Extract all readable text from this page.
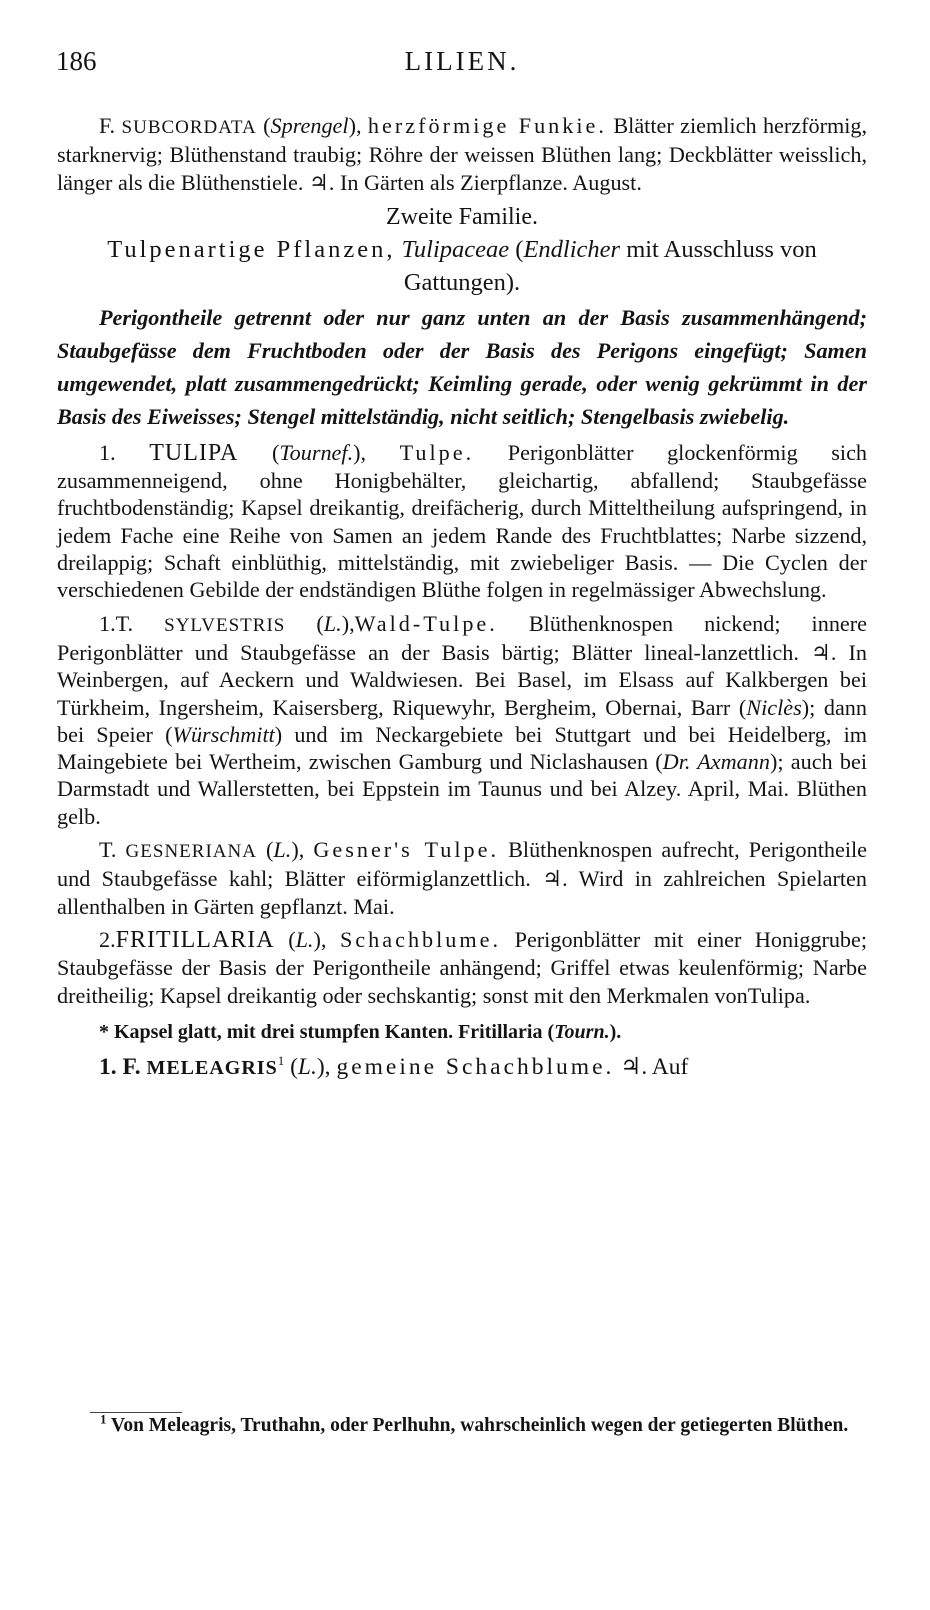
186	LILIEN.

F. SUBCORDATA (Sprengel), herzförmige Funkie. Blätter ziemlich herzförmig, starknervig; Blüthenstand traubig; Röhre der weissen Blüthen lang; Deckblätter weisslich, länger als die Blüthenstiele. ♃. In Gärten als Zierpflanze. August.

Zweite Familie.

Tulpenartige Pflanzen, Tulipaceae (Endlicher mit Ausschluss von Gattungen).

Perigontheile getrennt oder nur ganz unten an der Basis zusammenhängend; Staubgefässe dem Fruchtboden oder der Basis des Perigons eingefügt; Samen umgewendet, platt zusammengedrückt; Keimling gerade, oder wenig gekrümmt in der Basis des Eiweisses; Stengel mittelständig, nicht seitlich; Stengelbasis zwiebelig.

1. TULIPA (Tournef.), Tulpe. Perigonblätter glockenförmig sich zusammenneigend, ohne Honigbehälter, gleichartig, abfallend; Staubgefässe fruchtbodenständig; Kapsel dreikantig, dreifächerig, durch Mitteltheilung aufspringend, in jedem Fache eine Reihe von Samen an jedem Rande des Fruchtblattes; Narbe sizzend, dreilappig; Schaft einblüthig, mittelständig, mit zwiebeliger Basis. — Die Cyclen der verschiedenen Gebilde der endständigen Blüthe folgen in regelmässiger Abwechslung.

1.T. SYLVESTRIS (L.),Wald-Tulpe. Blüthenknospen nickend; innere Perigonblätter und Staubgefässe an der Basis bärtig; Blätter lineal-lanzettlich. ♃. In Weinbergen, auf Aeckern und Waldwiesen. Bei Basel, im Elsass auf Kalkbergen bei Türkheim, Ingersheim, Kaisersberg, Riquewyhr, Bergheim, Obernai, Barr (Niclès); dann bei Speier (Würschmitt) und im Neckargebiete bei Stuttgart und bei Heidelberg, im Maingebiete bei Wertheim, zwischen Gamburg und Niclashausen (Dr. Axmann); auch bei Darmstadt und Wallerstetten, bei Eppstein im Taunus und bei Alzey. April, Mai. Blüthen gelb.

T. GESNERIANA (L.), Gesner's Tulpe. Blüthenknospen aufrecht, Perigontheile und Staubgefässe kahl; Blätter eiförmiglanzettlich. ♃. Wird in zahlreichen Spielarten allenthalben in Gärten gepflanzt. Mai.

2.FRITILLARIA (L.), Schachblume. Perigonblätter mit einer Honiggrube; Staubgefässe der Basis der Perigontheile anhängend; Griffel etwas keulenförmig; Narbe dreitheilig; Kapsel dreikantig oder sechskantig; sonst mit den Merkmalen vonTulipa.

* Kapsel glatt, mit drei stumpfen Kanten. Fritillaria (Tourn.).

1. F. MELEAGRIS$^1$ (L.), gemeine Schachblume. ♃. Auf

$^1$ Von Meleagris, Truthahn, oder Perlhuhn, wahrscheinlich wegen der getiegerten Blüthen.
